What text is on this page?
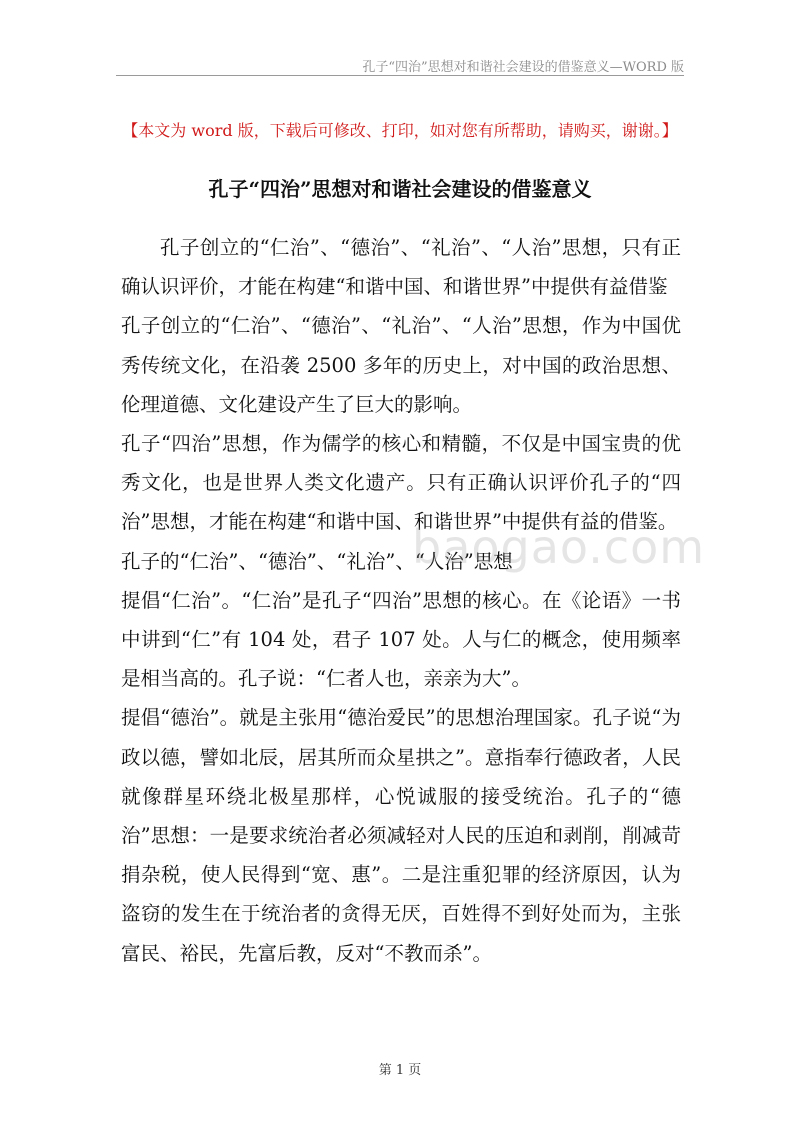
孔子“四治”思想对和谐社会建设的借鉴意义—WORD 版
【本文为 word 版，下载后可修改、打印，如对您有所帮助，请购买，谢谢。】
孔子“四治”思想对和谐社会建设的借鉴意义

孔子创立的“仁治”、“德治”、“礼治”、“人治”思想，只有正确认识评价，才能在构建“和谐中国、和谐世界”中提供有益借鉴

孔子创立的“仁治”、“德治”、“礼治”、“人治”思想，作为中国优秀传统文化，在沿袭 2500 多年的历史上，对中国的政治思想、伦理道德、文化建设产生了巨大的影响。

孔子“四治”思想，作为儒学的核心和精髓，不仅是中国宝贵的优秀文化，也是世界人类文化遗产。只有正确认识评价孔子的“四治”思想，才能在构建“和谐中国、和谐世界”中提供有益的借鉴。

孔子的“仁治”、“德治”、“礼治”、“人治”思想

提倡“仁治”。“仁治”是孔子“四治”思想的核心。在《论语》一书中讲到“仁”有 104 处，君子 107 处。人与仁的概念，使用频率是相当高的。孔子说：“仁者人也，亲亲为大”。

提倡“德治”。就是主张用“德治爱民”的思想治理国家。孔子说“为政以德，譬如北辰，居其所而众星拱之”。意指奉行德政者，人民就像群星环绕北极星那样，心悦诚服的接受统治。孔子的“德治”思想：一是要求统治者必须减轻对人民的压迫和剥削，削减苛捐杂税，使人民得到“宽、惠”。二是注重犯罪的经济原因，认为盗窃的发生在于统治者的贪得无厌，百姓得不到好处而为，主张富民、裕民，先富后教，反对“不教而杀”。

baogao.com
第 1 页
